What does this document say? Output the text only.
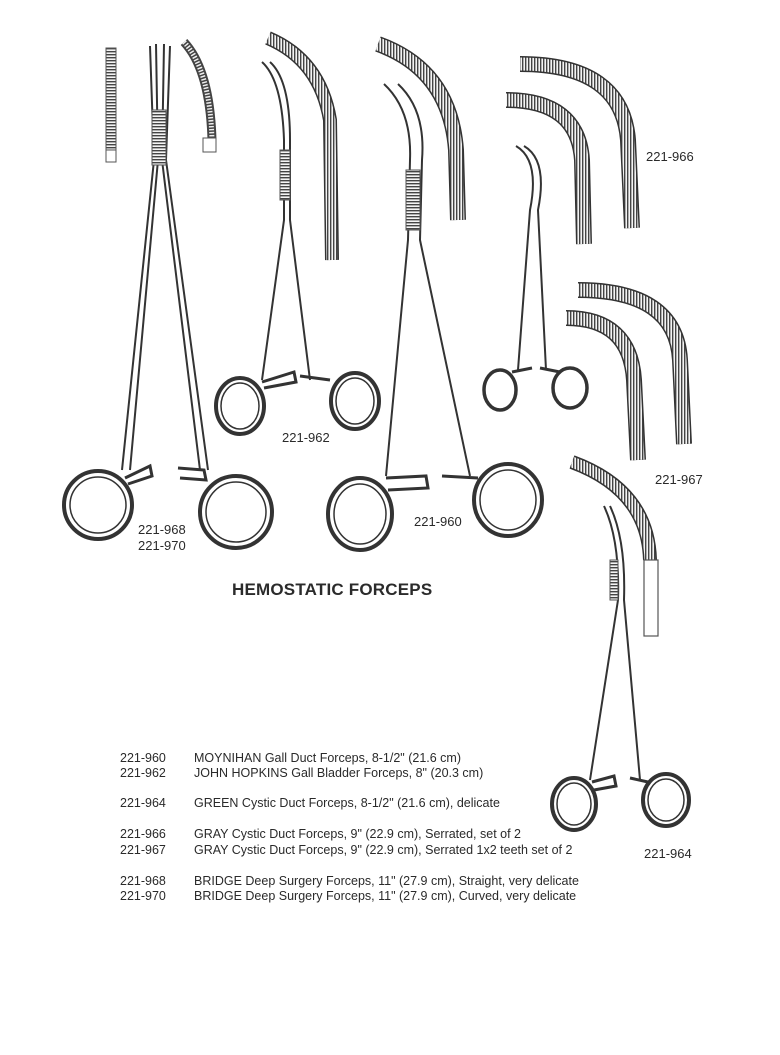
221-962
221-966
221-967
221-968
221-970
221-960
221-964
HEMOSTATIC FORCEPS
221-960 MOYNIHAN Gall Duct Forceps, 8-1/2" (21.6 cm)
221-962 JOHN HOPKINS Gall Bladder Forceps, 8" (20.3 cm)
221-964 GREEN Cystic Duct Forceps, 8-1/2" (21.6 cm), delicate
221-966 GRAY Cystic Duct Forceps, 9" (22.9 cm), Serrated, set of 2
221-967 GRAY Cystic Duct Forceps, 9" (22.9 cm), Serrated 1x2 teeth set of 2
221-968 BRIDGE Deep Surgery Forceps, 11" (27.9 cm), Straight, very delicate
221-970 BRIDGE Deep Surgery Forceps, 11" (27.9 cm), Curved, very delicate
